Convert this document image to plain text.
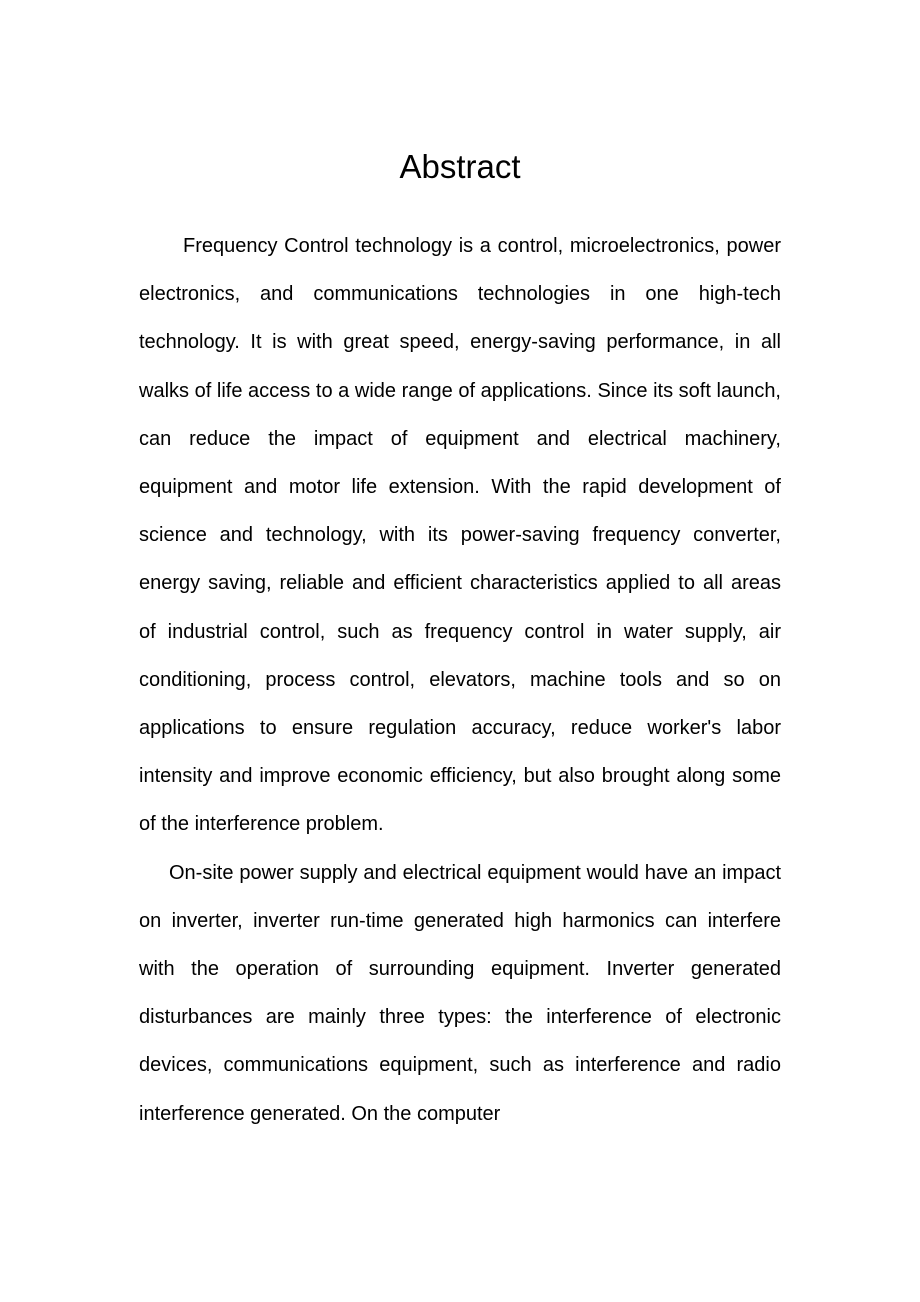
Abstract

Frequency Control technology is a control, microelectronics, power electronics, and communications technologies in one high-tech technology. It is with great speed, energy-saving performance, in all walks of life access to a wide range of applications. Since its soft launch, can reduce the impact of equipment and electrical machinery, equipment and motor life extension. With the rapid development of science and technology, with its power-saving frequency converter, energy saving, reliable and efficient characteristics applied to all areas of industrial control, such as frequency control in water supply, air conditioning, process control, elevators, machine tools and so on applications to ensure regulation accuracy, reduce worker's labor intensity and improve economic efficiency, but also brought along some of the interference problem.

On-site power supply and electrical equipment would have an impact on inverter, inverter run-time generated high harmonics can interfere with the operation of surrounding equipment. Inverter generated disturbances are mainly three types: the interference of electronic devices, communications equipment, such as interference and radio interference generated. On the computer
